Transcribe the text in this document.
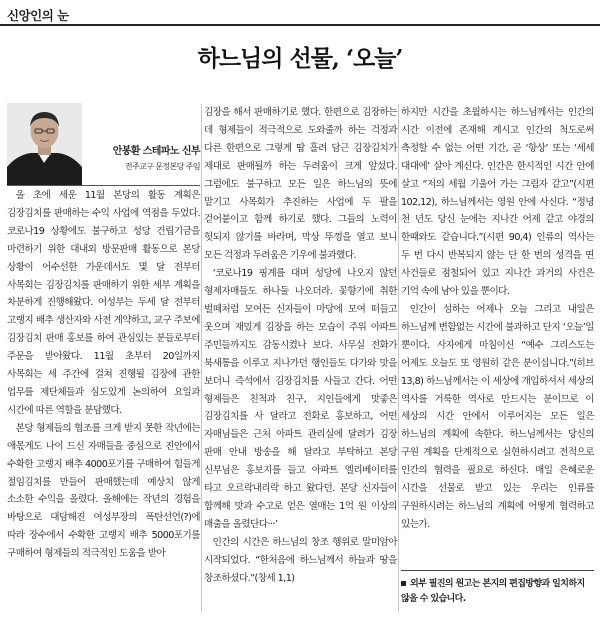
신앙인의 눈
하느님의 선물, ‘오늘’
안봉환 스테파노 신부
전주교구 문정본당 주임

올 초에 세운 11월 본당의 활동 계획은 김장김치를 판매하는 수익 사업에 역점을 두었다. 코로나19 상황에도 불구하고 성당 건립기금을 마련하기 위한 대내외 방문판매 활동으로 본당 상황이 어수선한 가운데서도 몇 달 전부터 사목회는 김장김치를 판매하기 위한 세부 계획을 차분하게 진행해왔다. 여성부는 두세 달 전부터 고랭지 배추 생산자와 사전 계약하고, 교구 주보에 김장김치 판매 홍보를 하여 관심있는 분들로부터 주문을 받아왔다. 11월 초부터 20일까지 사목회는 세 주간에 걸쳐 진행될 김장에 관한 업무를 제단체들과 심도있게 논의하여 요일과 시간에 따른 역할을 분담했다.

본당 형제들의 협조를 크게 받지 못한 작년에는 애몫게도 나이 드신 자매들을 중심으로 진안에서 수확한 고랭지 배추 4000포기를 구매하여 힘들게 절임김치를 만들어 판매했는데 예상치 않게 소소한 수익을 올렸다. 올해에는 작년의 경험을 바탕으로 대담해진 여성부장의 폭탄선언(?)에 따라 장수에서 수확한 고랭지 배추 5000포기를 구매하여 형제들의 적극적인 도움을 받아

김장을 해서 판매하기로 했다. 한편으로 김장하는 데 형제들이 적극적으로 도와줄까 하는 걱정과 다른 한편으로 그렇게 땀 흘려 담근 김장김치가 제대로 판매될까 하는 두려움이 크게 앞섰다. 그럼에도 불구하고 모든 일은 하느님의 뜻에 맡기고 사목회가 추진하는 사업에 두 팔을 걷어붙이고 함께 하기로 했다. 그들의 노력이 헛되지 않기를 바라며, 막상 뚜껑을 열고 보니 모든 걱정과 두려움은 기우에 불과했다.

‘코로나19 핑계를 대며 성당에 나오지 않던 형제자매들도 하나둘 나오더라. 꽃향기에 취한 벌떼처럼 모여든 신자들이 마당에 모여 떠들고 웃으며 재밌게 김장을 하는 모습이 주위 아파트 주민들까지도 감동시켰나 보다. 사무실 전화가 북새통을 이루고 지나가던 행인들도 다가와 맛을 보더니 즉석에서 김장김치를 사들고 간다. 어떤 형제들은 친척과 친구, 지인들에게 맛좋은 김장김치를 사 달라고 전화로 홍보하고, 어떤 자매님들은 근처 아파트 관리실에 달려가 김장 판매 안내 방송을 해 달라고 부탁하고 본당 신부님은 홍보지를 들고 아파트 엘리베이터를 타고 오르락내리락 하고 왔다던. 본당 신자들이 합께해 맛과 수고로 얻은 열매는 1억 원 이상의 매출을 올렸단다···’

인간의 시간은 하느님의 창조 행위로 말미암아 시작되었다. “한처음에 하느님께서 하늘과 땅을 창조하셨다.”(창세 1,1)

하지만 시간을 초월하시는 하느님께서는 인간의 시간 이전에 존재해 계시고 인간의 척도로써 측정할 수 없는 어떤 기간, 곧 ‘항상’ 또는 ‘세세 대대에’ 살아 계신다. 인간은 한시적인 시간 안에 살고 “저의 세월 기울어 가는 그림자 같고”(시편 102,12), 하느님께서는 영원 안에 사신다. “정녕 천 년도 당신 눈에는 지나간 어제 같고 야경의 한때와도 같습니다.”(시편 90,4) 인류의 역사는 두 번 다시 반복되지 않는 단 한 번의 성격을 띤 사건들로 점철되어 있고 지나간 과거의 사건은 기억 속에 남아 있을 뿐이다.

인간이 섬하는 어제나 오늘 그리고 내일은 하느님께 변함없는 시간에 불과하고 단지 ‘오늘’일 뿐이다. 사자에게 마침이신 “예수 그리스도는 어제도 오늘도 또 영원히 같은 분이십니다.”(히브 13,8) 하느님께서는 이 세상에 개입하셔서 세상의 역사를 거룩한 역사로 만드시는 분이므로 이 세상의 시간 안에서 이루어지는 모든 일은 하느님의 계획에 속한다. 하느님께서는 당신의 구원 계획을 단계적으로 실현하시려고 전적으로 인간의 협력을 필요로 하신다. 매일 은혜로운 시간을 선물로 받고 있는 우리는 인류를 구원하시려는 하느님의 계획에 어떻게 협력하고 있는가.

외부 필진의 원고는 본지의 편집방향과 일치하지 않을 수 있습니다.
